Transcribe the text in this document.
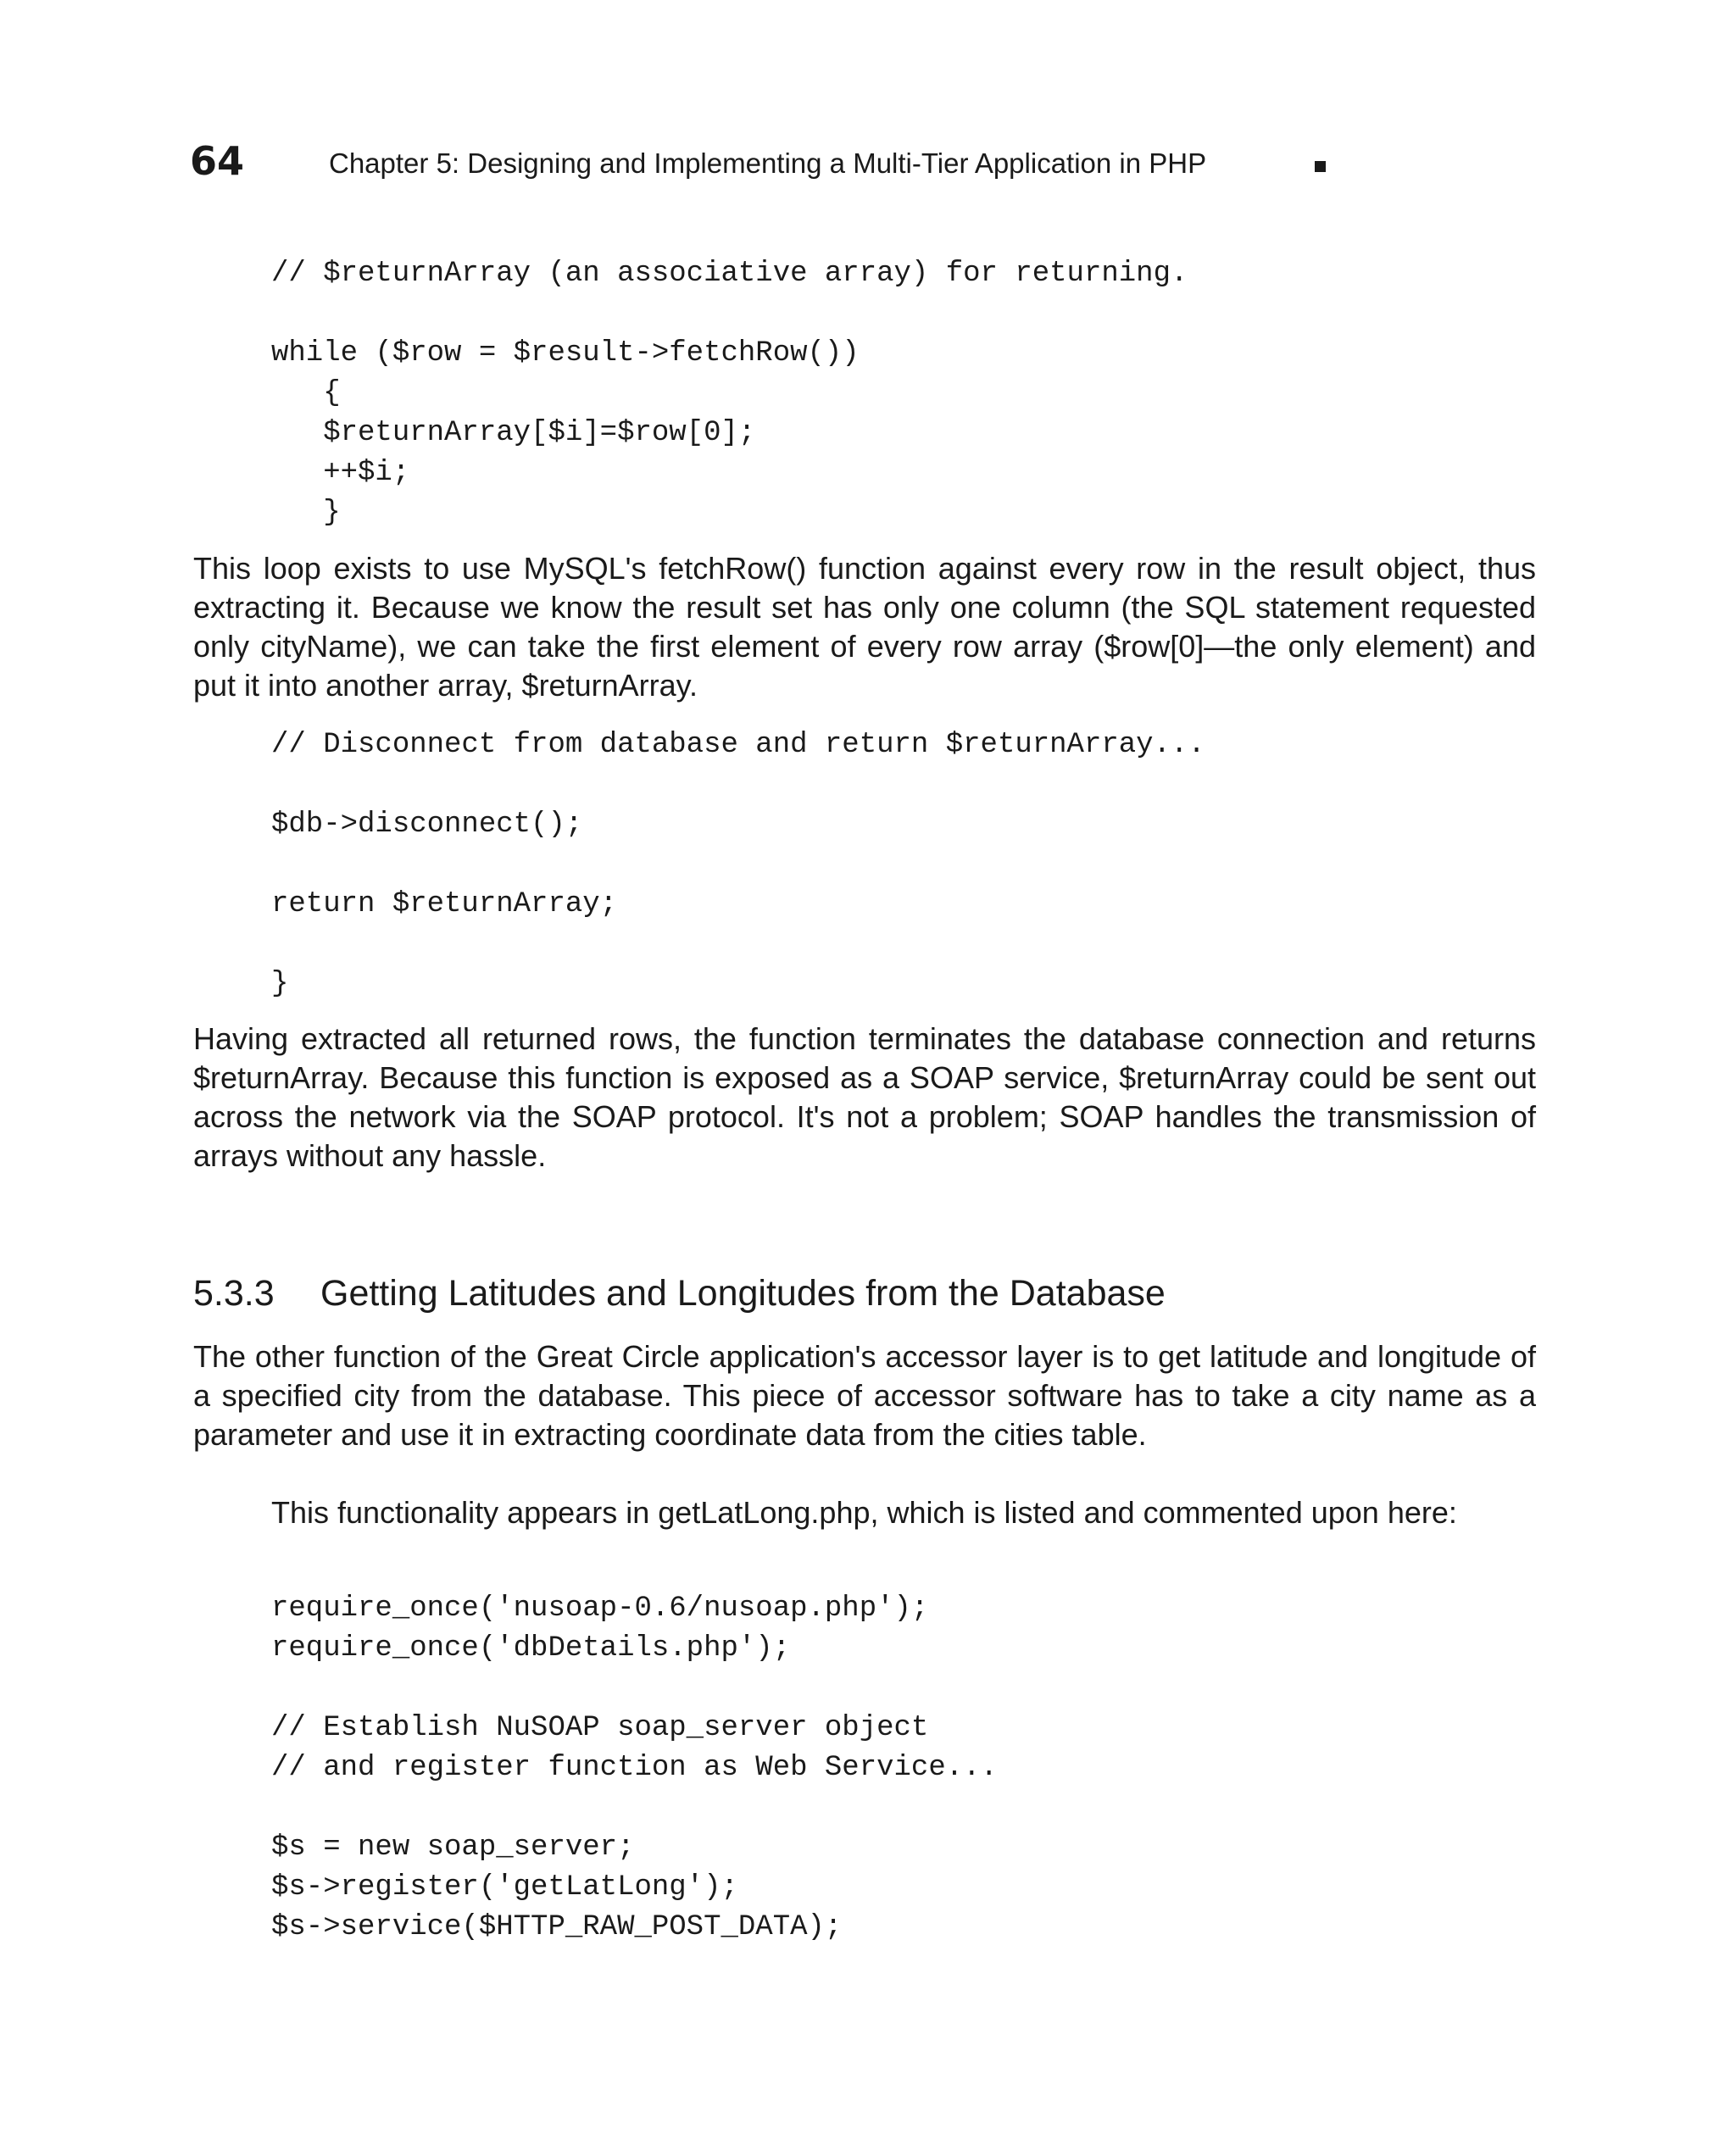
64	Chapter 5: Designing and Implementing a Multi-Tier Application in PHP
// $returnArray (an associative array) for returning.

while ($row = $result->fetchRow())
{
$returnArray[$i]=$row[0];
++$i;
}

This loop exists to use MySQL's fetchRow() function against every row in the result object, thus extracting it. Because we know the result set has only one column (the SQL statement requested only cityName), we can take the first element of every row array ($row[0]—the only element) and put it into another array, $returnArray.

// Disconnect from database and return $returnArray...

$db->disconnect();

return $returnArray;

}

Having extracted all returned rows, the function terminates the database connection and returns $returnArray. Because this function is exposed as a SOAP service, $returnArray could be sent out across the network via the SOAP protocol. It's not a problem; SOAP handles the transmission of arrays without any hassle.

5.3.3 Getting Latitudes and Longitudes from the Database

The other function of the Great Circle application's accessor layer is to get latitude and longitude of a specified city from the database. This piece of accessor software has to take a city name as a parameter and use it in extracting coordinate data from the cities table.

This functionality appears in getLatLong.php, which is listed and commented upon here:

require_once('nusoap-0.6/nusoap.php');
require_once('dbDetails.php');

// Establish NuSOAP soap_server object
// and register function as Web Service...

$s = new soap_server;
$s->register('getLatLong');
$s->service($HTTP_RAW_POST_DATA);
